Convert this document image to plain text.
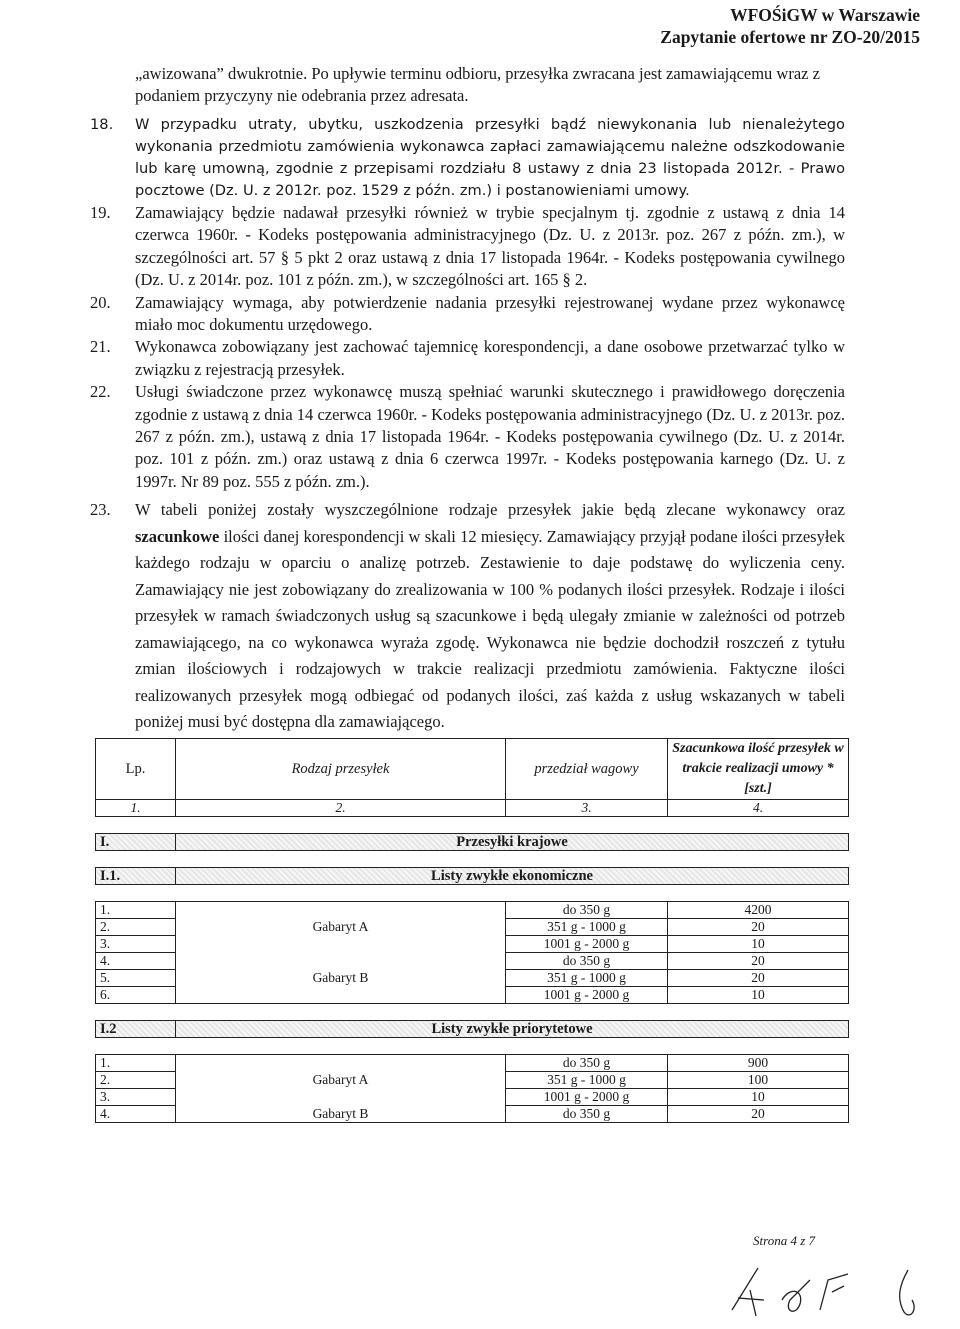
WFOŚiGW w Warszawie
Zapytanie ofertowe nr ZO-20/2015
„awizowana” dwukrotnie. Po upływie terminu odbioru, przesyłka zwracana jest zamawiającemu wraz z podaniem przyczyny nie odebrania przez adresata.
18. W przypadku utraty, ubytku, uszkodzenia przesyłki bądź niewykonania lub nienależytego wykonania przedmiotu zamówienia wykonawca zapłaci zamawiającemu należne odszkodowanie lub karę umowną, zgodnie z przepisami rozdziału 8 ustawy z dnia 23 listopada 2012r. - Prawo pocztowe (Dz. U. z 2012r. poz. 1529 z późn. zm.) i postanowieniami umowy.
19. Zamawiający będzie nadawał przesyłki również w trybie specjalnym tj. zgodnie z ustawą z dnia 14 czerwca 1960r. - Kodeks postępowania administracyjnego (Dz. U. z 2013r. poz. 267 z późn. zm.), w szczególności art. 57 § 5 pkt 2 oraz ustawą z dnia 17 listopada 1964r. - Kodeks postępowania cywilnego (Dz. U. z 2014r. poz. 101 z późn. zm.), w szczególności art. 165 § 2.
20. Zamawiający wymaga, aby potwierdzenie nadania przesyłki rejestrowanej wydane przez wykonawcę miało moc dokumentu urzędowego.
21. Wykonawca zobowiązany jest zachować tajemnicę korespondencji, a dane osobowe przetwarzać tylko w związku z rejestracją przesyłek.
22. Usługi świadczone przez wykonawcę muszą spełniać warunki skutecznego i prawidłowego doręczenia zgodnie z ustawą z dnia 14 czerwca 1960r. - Kodeks postępowania administracyjnego (Dz. U. z 2013r. poz. 267 z późn. zm.), ustawą z dnia 17 listopada 1964r. - Kodeks postępowania cywilnego (Dz. U. z 2014r. poz. 101 z późn. zm.) oraz ustawą z dnia 6 czerwca 1997r. - Kodeks postępowania karnego (Dz. U. z 1997r. Nr 89 poz. 555 z późn. zm.).
23. W tabeli poniżej zostały wyszczególnione rodzaje przesyłek jakie będą zlecane wykonawcy oraz szacunkowe ilości danej korespondencji w skali 12 miesięcy. Zamawiający przyjął podane ilości przesyłek każdego rodzaju w oparciu o analizę potrzeb. Zestawienie to daje podstawę do wyliczenia ceny. Zamawiający nie jest zobowiązany do zrealizowania w 100 % podanych ilości przesyłek. Rodzaje i ilości przesyłek w ramach świadczonych usług są szacunkowe i będą ulegały zmianie w zależności od potrzeb zamawiającego, na co wykonawca wyraża zgodę. Wykonawca nie będzie dochodził roszczeń z tytułu zmian ilościowych i rodzajowych w trakcie realizacji przedmiotu zamówienia. Faktyczne ilości realizowanych przesyłek mogą odbiegać od podanych ilości, zaś każda z usług wskazanych w tabeli poniżej musi być dostępna dla zamawiającego.
Lp.	Rodzaj przesyłek	przedział wagowy	Szacunkowa ilość przesyłek w trakcie realizacji umowy * [szt.]
1.	2.	3.	4.

I.	Przesyłki krajowe		

I.1.	Listy zwykłe ekonomiczne		

1.		do 350 g	4200
2.	Gabaryt A	351 g - 1000 g	20
3.		1001 g - 2000 g	10
4.		do 350 g	20
5.	Gabaryt B	351 g - 1000 g	20
6.		1001 g - 2000 g	10

I.2	Listy zwykłe priorytetowe		

1.		do 350 g	900
2.	Gabaryt A	351 g - 1000 g	100
3.		1001 g - 2000 g	10
4.	Gabaryt B	do 350 g	20
Strona 4 z 7
